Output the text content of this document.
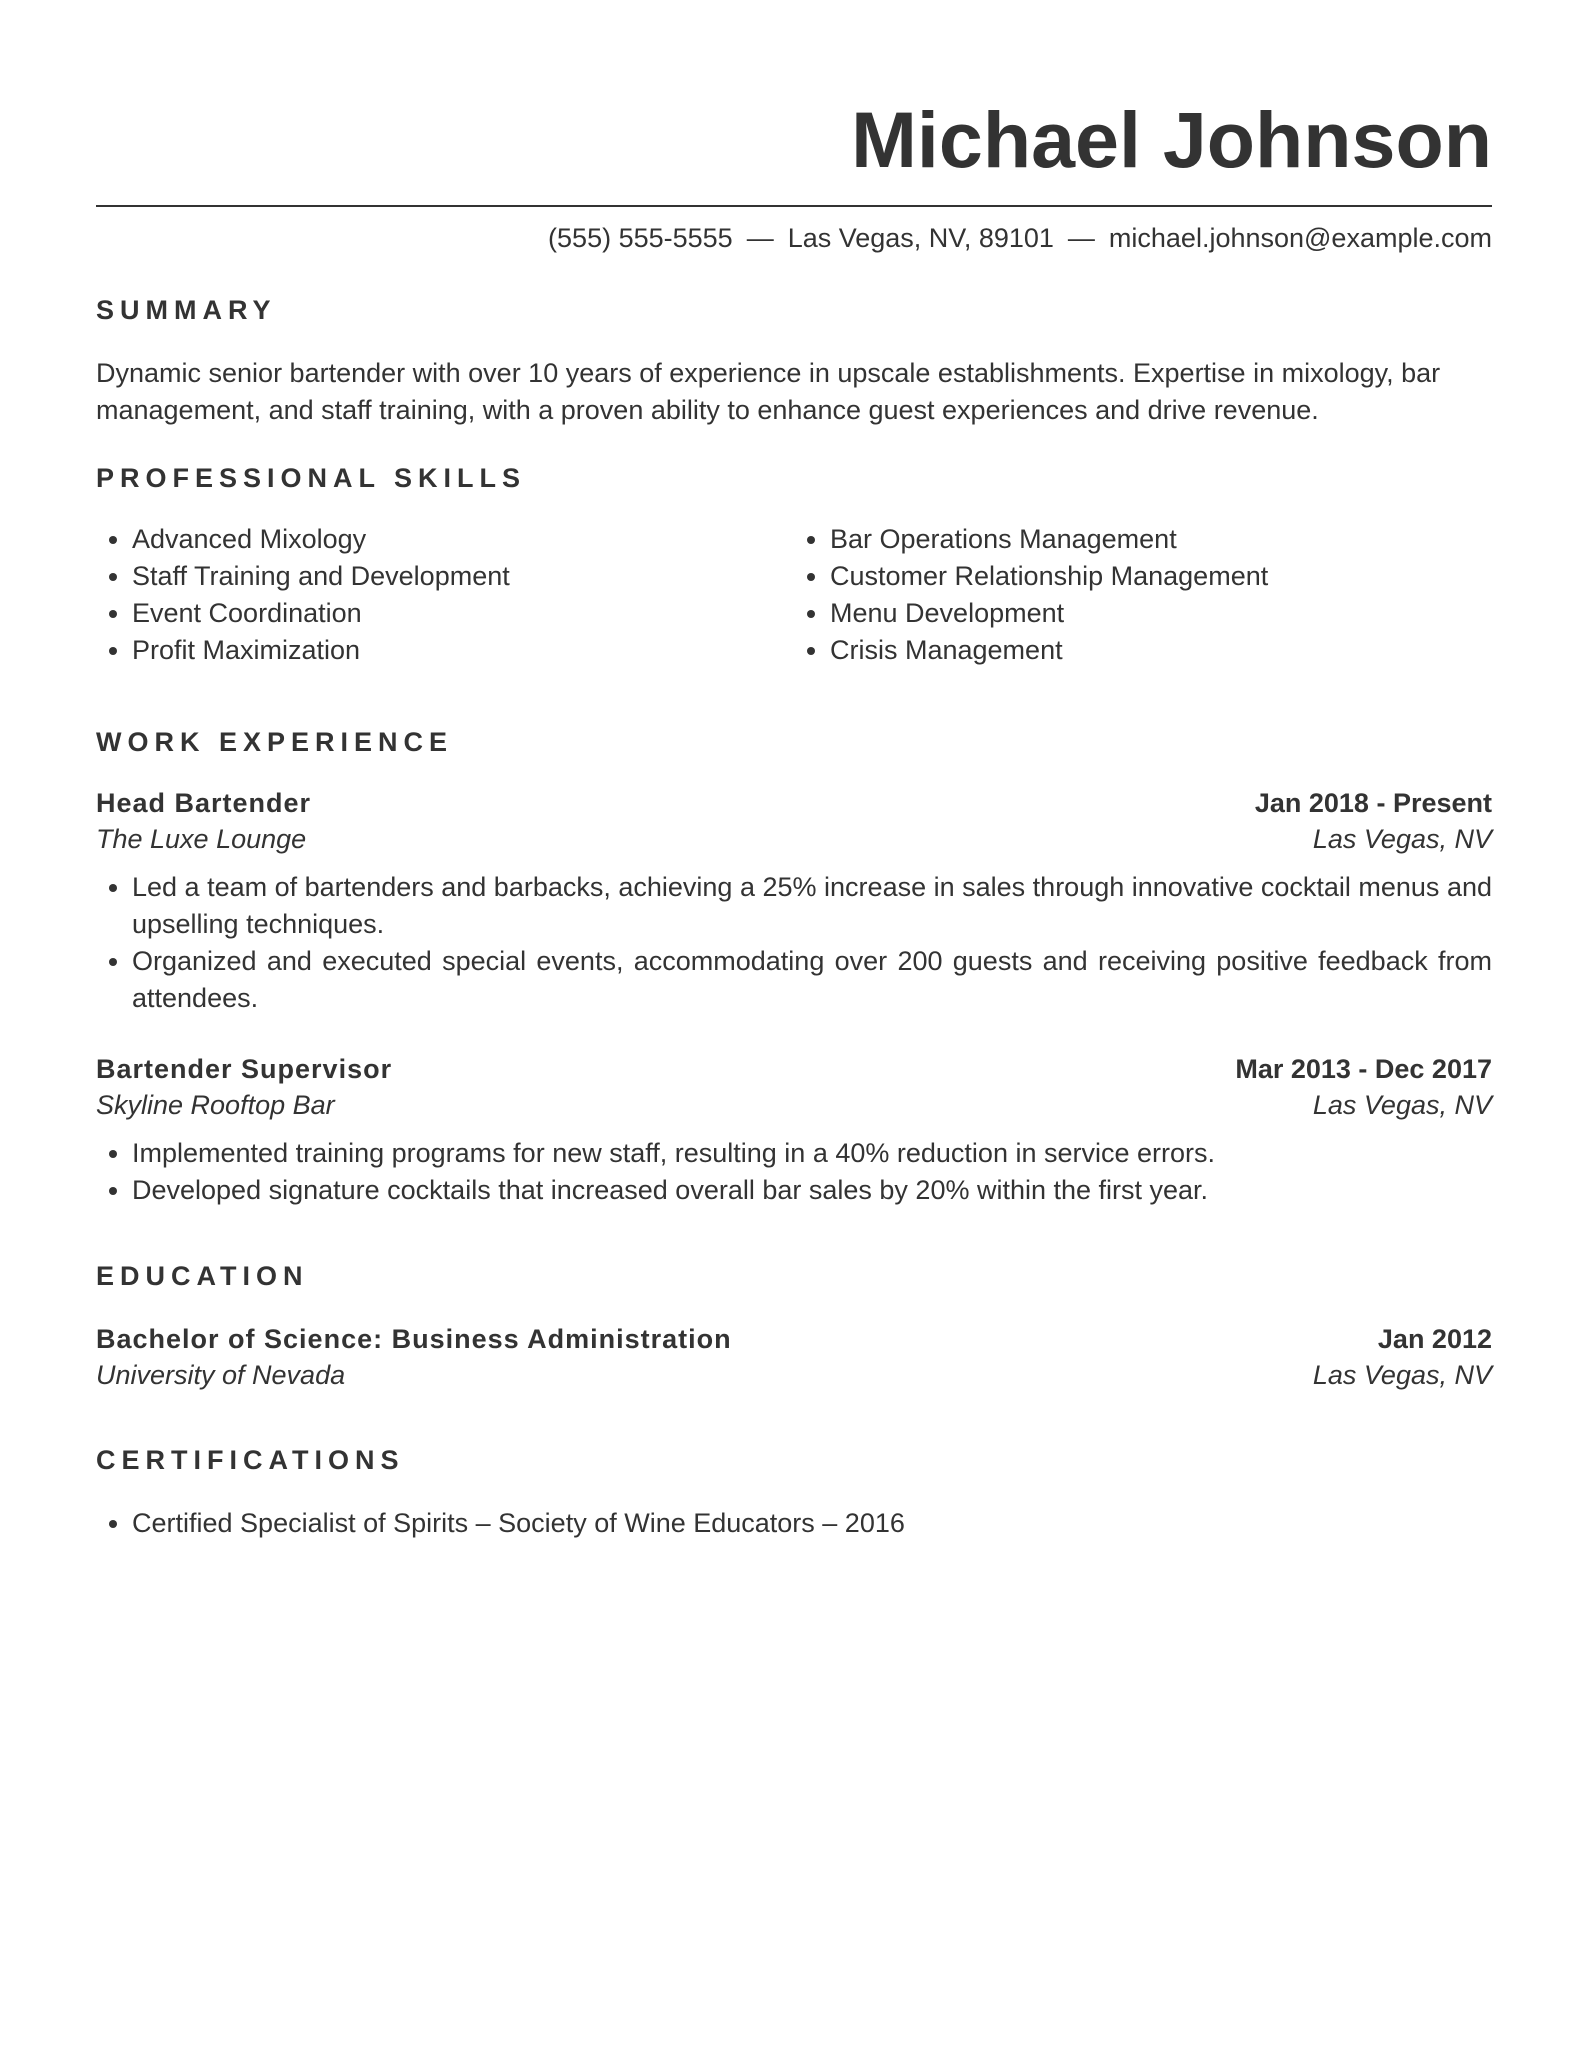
Michael Johnson
(555) 555-5555 — Las Vegas, NV, 89101 — michael.johnson@example.com
SUMMARY
Dynamic senior bartender with over 10 years of experience in upscale establishments. Expertise in mixology, bar management, and staff training, with a proven ability to enhance guest experiences and drive revenue.
PROFESSIONAL SKILLS
• Advanced Mixology
• Staff Training and Development
• Event Coordination
• Profit Maximization
• Bar Operations Management
• Customer Relationship Management
• Menu Development
• Crisis Management
WORK EXPERIENCE
Head Bartender	Jan 2018 - Present
The Luxe Lounge	Las Vegas, NV
• Led a team of bartenders and barbacks, achieving a 25% increase in sales through innovative cocktail menus and upselling techniques.
• Organized and executed special events, accommodating over 200 guests and receiving positive feedback from attendees.
Bartender Supervisor	Mar 2013 - Dec 2017
Skyline Rooftop Bar	Las Vegas, NV
• Implemented training programs for new staff, resulting in a 40% reduction in service errors.
• Developed signature cocktails that increased overall bar sales by 20% within the first year.
EDUCATION
Bachelor of Science: Business Administration	Jan 2012
University of Nevada	Las Vegas, NV
CERTIFICATIONS
• Certified Specialist of Spirits – Society of Wine Educators – 2016
